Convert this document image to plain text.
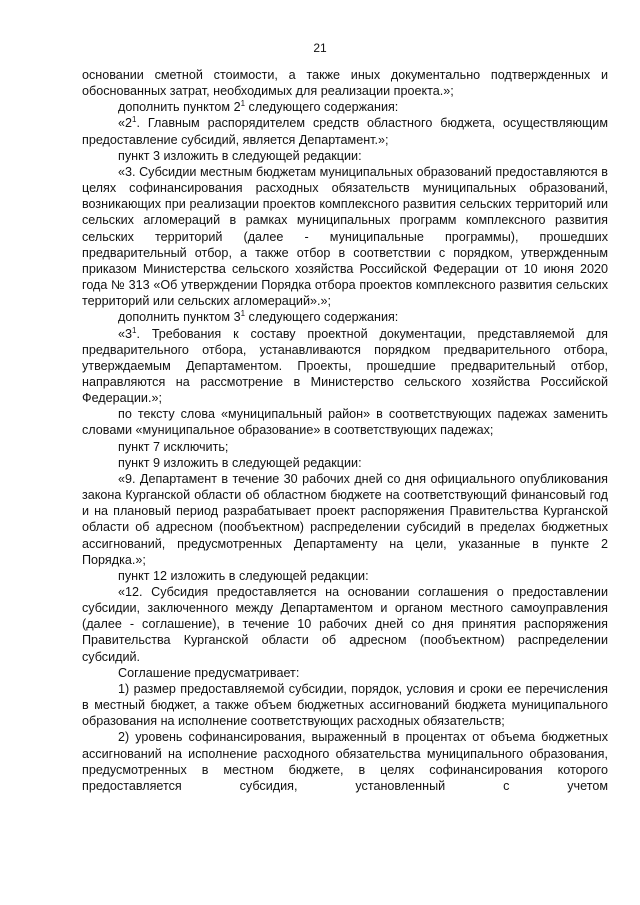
21

основании сметной стоимости, а также иных документально подтвержденных и обоснованных затрат, необходимых для реализации проекта.»;

дополнить пунктом $2^1$ следующего содержания:

«$2^1$. Главным распорядителем средств областного бюджета, осуществляющим предоставление субсидий, является Департамент.»;

пункт 3 изложить в следующей редакции:

«3. Субсидии местным бюджетам муниципальных образований предоставляются в целях софинансирования расходных обязательств муниципальных образований, возникающих при реализации проектов комплексного развития сельских территорий или сельских агломераций в рамках муниципальных программ комплексного развития сельских территорий (далее - муниципальные программы), прошедших предварительный отбор, а также отбор в соответствии с порядком, утвержденным приказом Министерства сельского хозяйства Российской Федерации от 10 июня 2020 года № 313 «Об утверждении Порядка отбора проектов комплексного развития сельских территорий или сельских агломераций».»;

дополнить пунктом $3^1$ следующего содержания:

«$3^1$. Требования к составу проектной документации, представляемой для предварительного отбора, устанавливаются порядком предварительного отбора, утверждаемым Департаментом. Проекты, прошедшие предварительный отбор, направляются на рассмотрение в Министерство сельского хозяйства Российской Федерации.»;

по тексту слова «муниципальный район» в соответствующих падежах заменить словами «муниципальное образование» в соответствующих падежах;

пункт 7 исключить;

пункт 9 изложить в следующей редакции:

«9. Департамент в течение 30 рабочих дней со дня официального опубликования закона Курганской области об областном бюджете на соответствующий финансовый год и на плановый период разрабатывает проект распоряжения Правительства Курганской области об адресном (пообъектном) распределении субсидий в пределах бюджетных ассигнований, предусмотренных Департаменту на цели, указанные в пункте 2 Порядка.»;

пункт 12 изложить в следующей редакции:

«12. Субсидия предоставляется на основании соглашения о предоставлении субсидии, заключенного между Департаментом и органом местного самоуправления (далее - соглашение), в течение 10 рабочих дней со дня принятия распоряжения Правительства Курганской области об адресном (пообъектном) распределении субсидий.

Соглашение предусматривает:

1) размер предоставляемой субсидии, порядок, условия и сроки ее перечисления в местный бюджет, а также объем бюджетных ассигнований бюджета муниципального образования на исполнение соответствующих расходных обязательств;

2) уровень софинансирования, выраженный в процентах от объема бюджетных ассигнований на исполнение расходного обязательства муниципального образования, предусмотренных в местном бюджете, в целях софинансирования которого предоставляется субсидия, установленный с учетом
